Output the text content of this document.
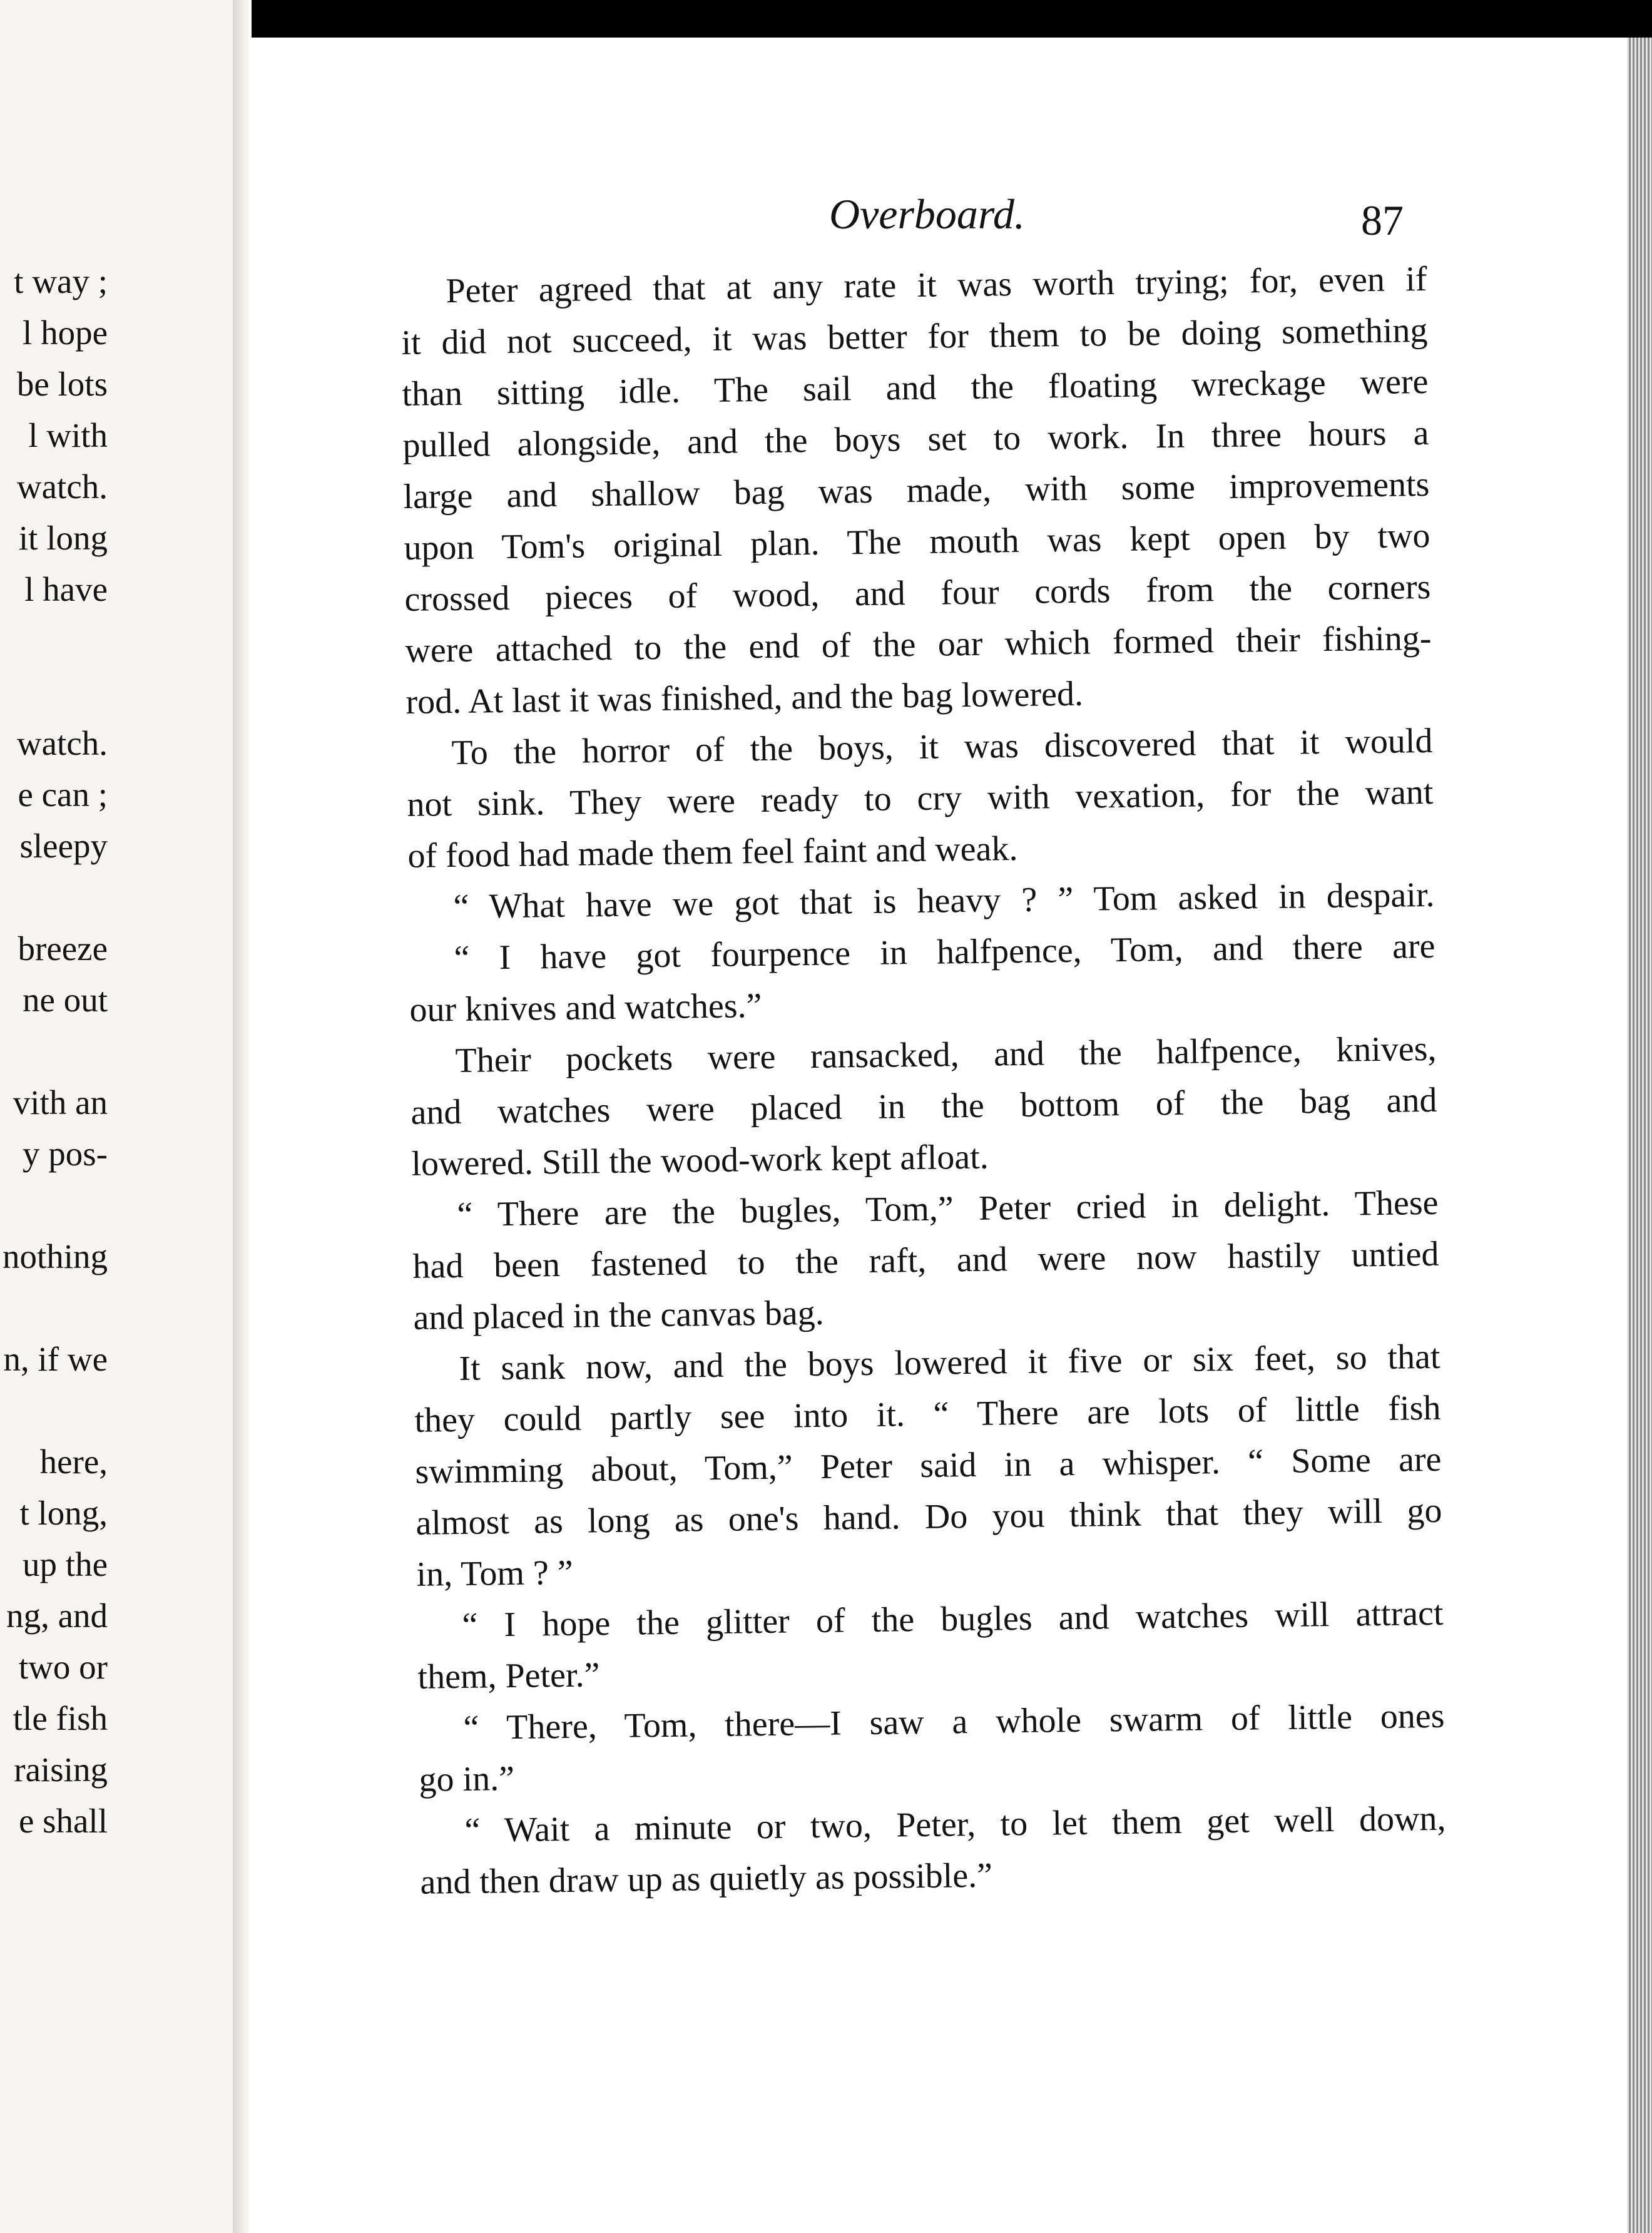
t way ;
l hope
be lots
l with
watch.
it long
l have
watch.
e can ;
sleepy
breeze
ne out
vith an
y pos-
nothing
n, if we
here,
t long,
up the
ng, and
two or
tle fish
raising
e shall
Overboard.	87
Peter agreed that at any rate it was worth trying; for, even if
it did not succeed, it was better for them to be doing something
than sitting idle. The sail and the floating wreckage were
pulled alongside, and the boys set to work. In three hours a
large and shallow bag was made, with some improvements
upon Tom's original plan. The mouth was kept open by two
crossed pieces of wood, and four cords from the corners
were attached to the end of the oar which formed their fishing-
rod. At last it was finished, and the bag lowered.
To the horror of the boys, it was discovered that it would
not sink. They were ready to cry with vexation, for the want
of food had made them feel faint and weak.
“ What have we got that is heavy ? ” Tom asked in despair.
“ I have got fourpence in halfpence, Tom, and there are
our knives and watches.”
Their pockets were ransacked, and the halfpence, knives,
and watches were placed in the bottom of the bag and
lowered. Still the wood-work kept afloat.
“ There are the bugles, Tom,” Peter cried in delight. These
had been fastened to the raft, and were now hastily untied
and placed in the canvas bag.
It sank now, and the boys lowered it five or six feet, so that
they could partly see into it. “ There are lots of little fish
swimming about, Tom,” Peter said in a whisper. “ Some are
almost as long as one's hand. Do you think that they will go
in, Tom ? ”
“ I hope the glitter of the bugles and watches will attract
them, Peter.”
“ There, Tom, there—I saw a whole swarm of little ones
go in.”
“ Wait a minute or two, Peter, to let them get well down,
and then draw up as quietly as possible.”
